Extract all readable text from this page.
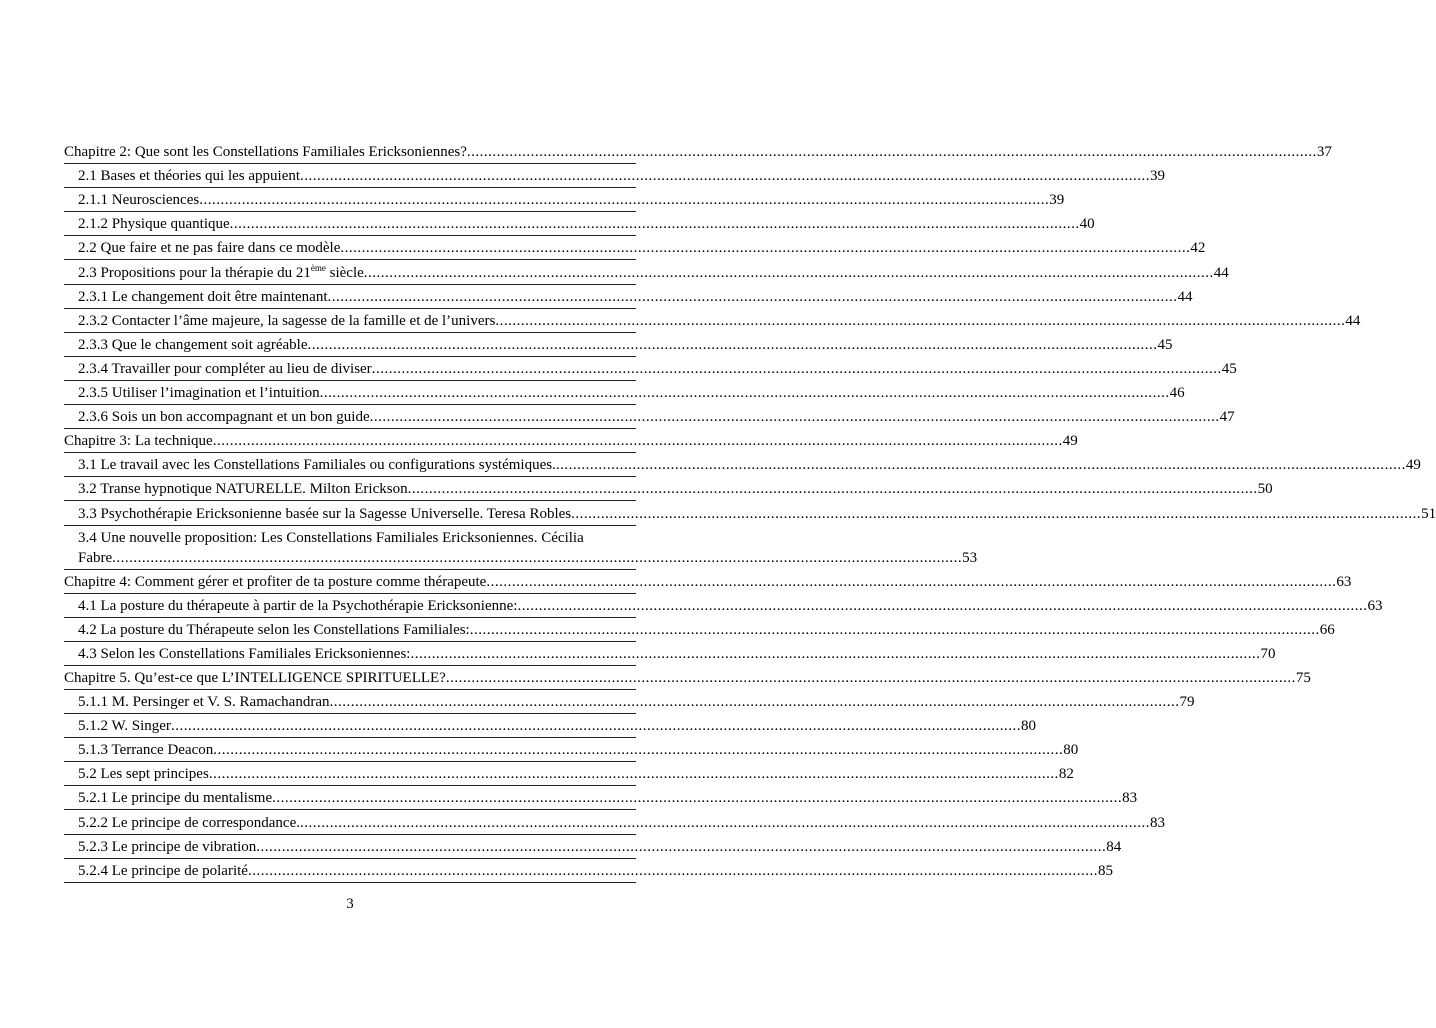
Chapitre 2: Que sont les Constellations Familiales Ericksoniennes? .....	37
2.1 Bases et théories qui les appuient .....	39
2.1.1 Neurosciences .....	39
2.1.2 Physique quantique .....	40
2.2 Que faire et ne pas faire dans ce modèle .....	42
2.3 Propositions pour la thérapie du 21ème siècle .....	44
2.3.1 Le changement doit être maintenant .....	44
2.3.2 Contacter l’âme majeure, la sagesse de la famille et de l’univers .....	44
2.3.3 Que le changement soit agréable .....	45
2.3.4 Travailler pour compléter au lieu de diviser .....	45
2.3.5 Utiliser l’imagination et l’intuition .....	46
2.3.6 Sois un bon accompagnant et un bon guide .....	47
Chapitre 3: La technique .....	49
3.1 Le travail avec les Constellations Familiales ou configurations systémiques. .....	49
3.2 Transe hypnotique NATURELLE. Milton Erickson .....	50
3.3 Psychothérapie Ericksonienne basée sur la Sagesse Universelle. Teresa Robles .....	51
3.4 Une nouvelle proposition: Les Constellations Familiales Ericksoniennes. Cécilia
Fabre .....	53
Chapitre 4: Comment gérer et profiter de ta posture comme thérapeute .....	63
4.1 La posture du thérapeute à partir de la Psychothérapie Ericksonienne: .....	63
4.2 La posture du Thérapeute selon les Constellations Familiales: .....	66
4.3 Selon les Constellations Familiales Ericksoniennes: .....	70
Chapitre 5. Qu’est-ce que L’INTELLIGENCE SPIRITUELLE? .....	75
5.1.1 M. Persinger et V. S. Ramachandran .....	79
5.1.2 W. Singer .....	80
5.1.3 Terrance Deacon .....	80
5.2 Les sept principes .....	82
5.2.1 Le principe du mentalisme .....	83
5.2.2 Le principe de correspondance. .....	83
5.2.3 Le principe de vibration .....	84
5.2.4 Le principe de polarité .....	85
3
